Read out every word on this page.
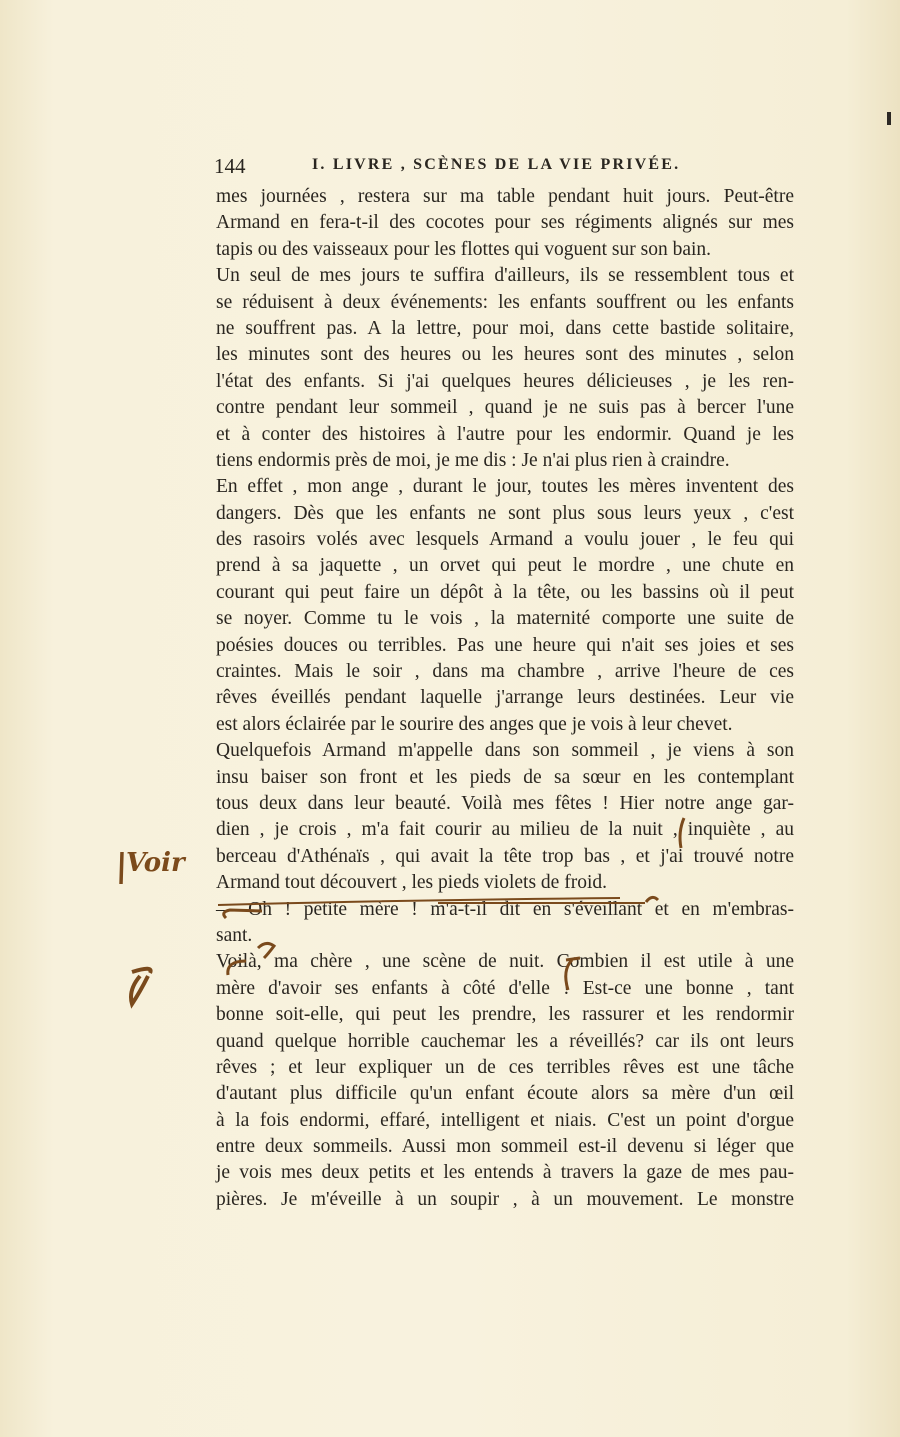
144	I. LIVRE , SCÈNES DE LA VIE PRIVÉE.
mes journées , restera sur ma table pendant huit jours. Peut-être
Armand en fera-t-il des cocotes pour ses régiments alignés sur mes
tapis ou des vaisseaux pour les flottes qui voguent sur son bain.
Un seul de mes jours te suffira d'ailleurs, ils se ressemblent tous et
se réduisent à deux événements: les enfants souffrent ou les enfants
ne souffrent pas. A la lettre, pour moi, dans cette bastide solitaire,
les minutes sont des heures ou les heures sont des minutes , selon
l'état des enfants. Si j'ai quelques heures délicieuses , je les ren-
contre pendant leur sommeil , quand je ne suis pas à bercer l'une
et à conter des histoires à l'autre pour les endormir. Quand je les
tiens endormis près de moi, je me dis : Je n'ai plus rien à craindre.
En effet , mon ange , durant le jour, toutes les mères inventent des
dangers. Dès que les enfants ne sont plus sous leurs yeux , c'est
des rasoirs volés avec lesquels Armand a voulu jouer , le feu qui
prend à sa jaquette , un orvet qui peut le mordre , une chute en
courant qui peut faire un dépôt à la tête, ou les bassins où il peut
se noyer. Comme tu le vois , la maternité comporte une suite de
poésies douces ou terribles. Pas une heure qui n'ait ses joies et ses
craintes. Mais le soir , dans ma chambre , arrive l'heure de ces
rêves éveillés pendant laquelle j'arrange leurs destinées. Leur vie
est alors éclairée par le sourire des anges que je vois à leur chevet.
Quelquefois Armand m'appelle dans son sommeil , je viens à son
insu baiser son front et les pieds de sa sœur en les contemplant
tous deux dans leur beauté. Voilà mes fêtes ! Hier notre ange gar-
dien , je crois , m'a fait courir au milieu de la nuit , inquiète , au
berceau d'Athénaïs , qui avait la tête trop bas , et j'ai trouvé notre
Armand tout découvert , les pieds violets de froid.
— Oh ! petite mère ! m'a-t-il dit en s'éveillant et en m'embras-
sant.
Voilà, ma chère , une scène de nuit. Combien il est utile à une
mère d'avoir ses enfants à côté d'elle ! Est-ce une bonne , tant
bonne soit-elle, qui peut les prendre, les rassurer et les rendormir
quand quelque horrible cauchemar les a réveillés? car ils ont leurs
rêves ; et leur expliquer un de ces terribles rêves est une tâche
d'autant plus difficile qu'un enfant écoute alors sa mère d'un œil
à la fois endormi, effaré, intelligent et niais. C'est un point d'orgue
entre deux sommeils. Aussi mon sommeil est-il devenu si léger que
je vois mes deux petits et les entends à travers la gaze de mes pau-
pières. Je m'éveille à un soupir , à un mouvement. Le monstre
Voir
